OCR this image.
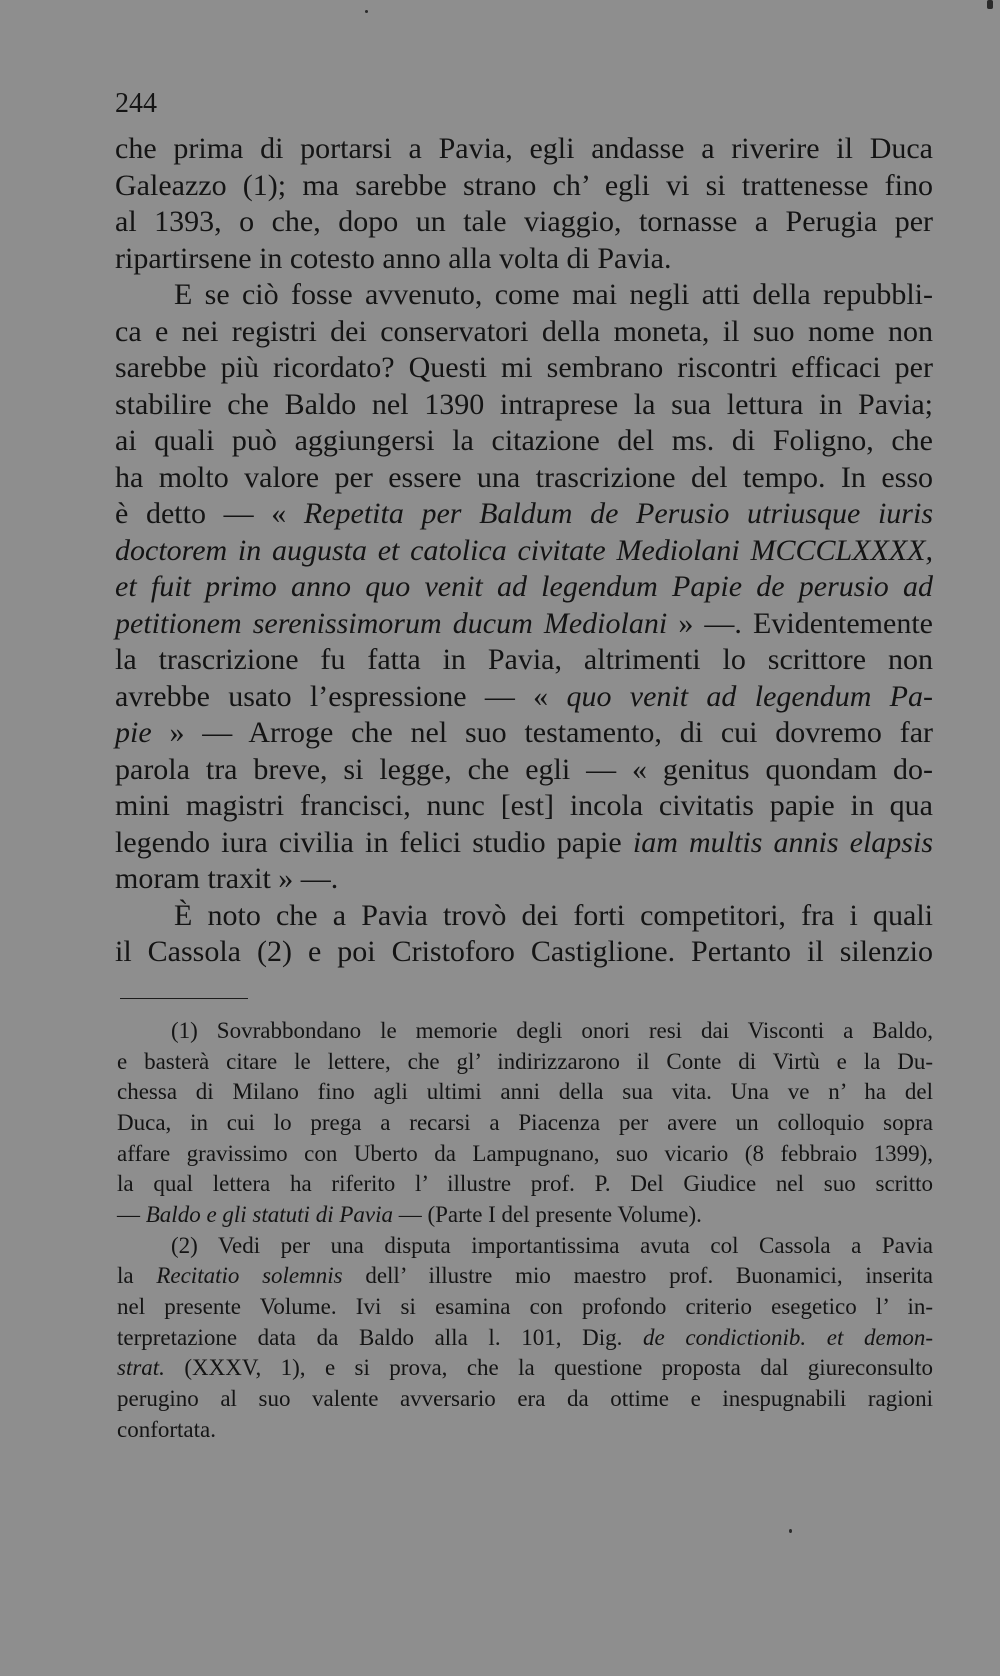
244
che prima di portarsi a Pavia, egli andasse a riverire il Duca
Galeazzo (1); ma sarebbe strano ch’ egli vi si trattenesse fino
al 1393, o che, dopo un tale viaggio, tornasse a Perugia per
ripartirsene in cotesto anno alla volta di Pavia.
E se ciò fosse avvenuto, come mai negli atti della repubbli-
ca e nei registri dei conservatori della moneta, il suo nome non
sarebbe più ricordato? Questi mi sembrano riscontri efficaci per
stabilire che Baldo nel 1390 intraprese la sua lettura in Pavia;
ai quali può aggiungersi la citazione del ms. di Foligno, che
ha molto valore per essere una trascrizione del tempo. In esso
è detto — « Repetita per Baldum de Perusio utriusque iuris
doctorem in augusta et catolica civitate Mediolani MCCCLXXXX,
et fuit primo anno quo venit ad legendum Papie de perusio ad
petitionem serenissimorum ducum Mediolani » —. Evidentemente
la trascrizione fu fatta in Pavia, altrimenti lo scrittore non
avrebbe usato l’espressione — « quo venit ad legendum Pa-
pie » — Arroge che nel suo testamento, di cui dovremo far
parola tra breve, si legge, che egli — « genitus quondam do-
mini magistri francisci, nunc [est] incola civitatis papie in qua
legendo iura civilia in felici studio papie iam multis annis elapsis
moram traxit » —.
È noto che a Pavia trovò dei forti competitori, fra i quali
il Cassola (2) e poi Cristoforo Castiglione. Pertanto il silenzio
(1) Sovrabbondano le memorie degli onori resi dai Visconti a Baldo,
e basterà citare le lettere, che gl’ indirizzarono il Conte di Virtù e la Du-
chessa di Milano fino agli ultimi anni della sua vita. Una ve n’ ha del
Duca, in cui lo prega a recarsi a Piacenza per avere un colloquio sopra
affare gravissimo con Uberto da Lampugnano, suo vicario (8 febbraio 1399),
la qual lettera ha riferito l’ illustre prof. P. Del Giudice nel suo scritto
— Baldo e gli statuti di Pavia — (Parte I del presente Volume).
(2) Vedi per una disputa importantissima avuta col Cassola a Pavia
la Recitatio solemnis dell’ illustre mio maestro prof. Buonamici, inserita
nel presente Volume. Ivi si esamina con profondo criterio esegetico l’ in-
terpretazione data da Baldo alla l. 101, Dig. de condictionib. et demon-
strat. (XXXV, 1), e si prova, che la questione proposta dal giureconsulto
perugino al suo valente avversario era da ottime e inespugnabili ragioni
confortata.
